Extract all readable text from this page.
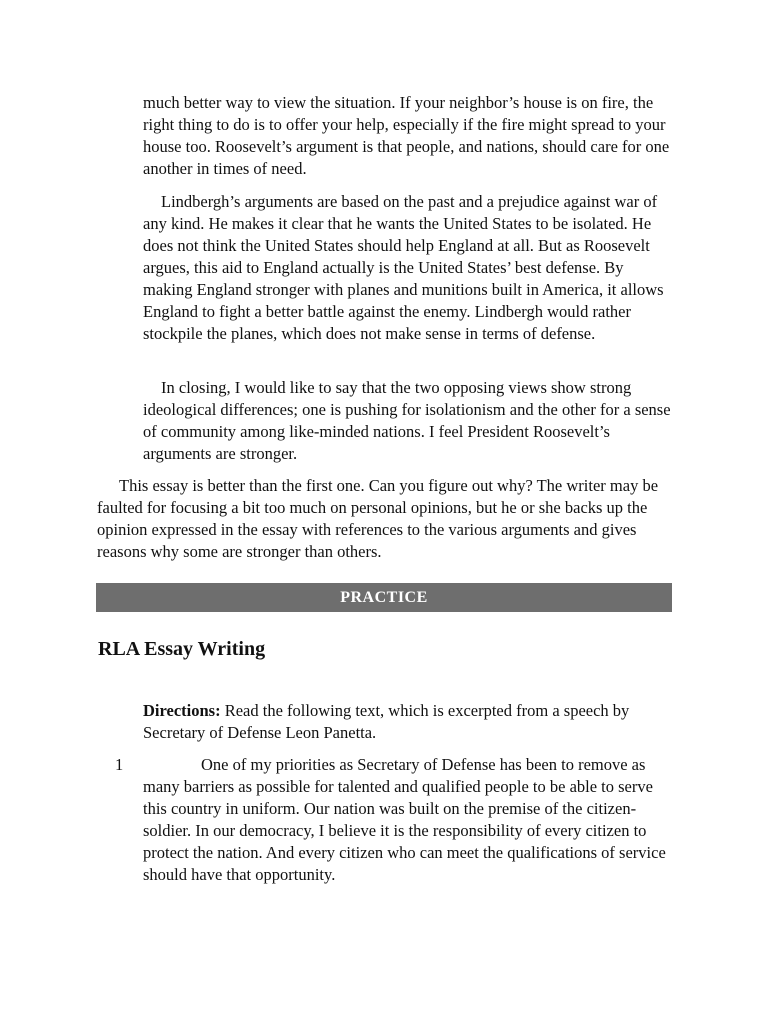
much better way to view the situation. If your neighbor’s house is on fire, the right thing to do is to offer your help, especially if the fire might spread to your house too. Roosevelt’s argument is that people, and nations, should care for one another in times of need.

Lindbergh’s arguments are based on the past and a prejudice against war of any kind. He makes it clear that he wants the United States to be isolated. He does not think the United States should help England at all. But as Roosevelt argues, this aid to England actually is the United States’ best defense. By making England stronger with planes and munitions built in America, it allows England to fight a better battle against the enemy. Lindbergh would rather stockpile the planes, which does not make sense in terms of defense.

In closing, I would like to say that the two opposing views show strong ideological differences; one is pushing for isolationism and the other for a sense of community among like-minded nations. I feel President Roosevelt’s arguments are stronger.

This essay is better than the first one. Can you figure out why? The writer may be faulted for focusing a bit too much on personal opinions, but he or she backs up the opinion expressed in the essay with references to the various arguments and gives reasons why some are stronger than others.

PRACTICE
RLA Essay Writing

Directions: Read the following text, which is excerpted from a speech by Secretary of Defense Leon Panetta.

1	One of my priorities as Secretary of Defense has been to remove as many barriers as possible for talented and qualified people to be able to serve this country in uniform. Our nation was built on the premise of the citizen-soldier. In our democracy, I believe it is the responsibility of every citizen to protect the nation. And every citizen who can meet the qualifications of service should have that opportunity.
